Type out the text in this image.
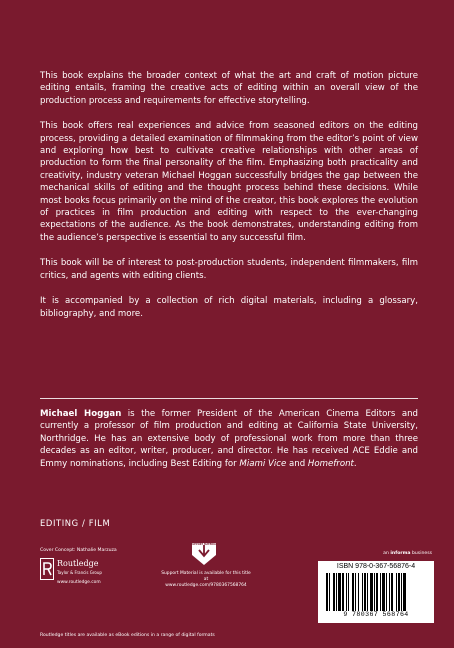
This book explains the broader context of what the art and craft of motion picture editing entails, framing the creative acts of editing within an overall view of the production process and requirements for effective storytelling.

This book offers real experiences and advice from seasoned editors on the editing process, providing a detailed examination of filmmaking from the editor’s point of view and exploring how best to cultivate creative relationships with other areas of production to form the final personality of the film. Emphasizing both practicality and creativity, industry veteran Michael Hoggan successfully bridges the gap between the mechanical skills of editing and the thought process behind these decisions. While most books focus primarily on the mind of the creator, this book explores the evolution of practices in film production and editing with respect to the ever-changing expectations of the audience. As the book demonstrates, understanding editing from the audience’s perspective is essential to any successful film.

This book will be of interest to post-production students, independent filmmakers, film critics, and agents with editing clients.

It is accompanied by a collection of rich digital materials, including a glossary, bibliography, and more.

Michael Hoggan is the former President of the American Cinema Editors and currently a professor of film production and editing at California State University, Northridge. He has an extensive body of professional work from more than three decades as an editor, writer, producer, and director. He has received ACE Eddie and Emmy nominations, including Best Editing for Miami Vice and Homefront.

EDITING / FILM
Cover Concept: Nathalie Marzuza
Routledge
Taylor & Francis Group
www.routledge.com
SUPPORT MATERIAL
Support Material is available for this title at
www.routledge.com/9780367568764
an informa business
ISBN 978-0-367-56876-4
9 780367 568764
Routledge titles are available as eBook editions in a range of digital formats
